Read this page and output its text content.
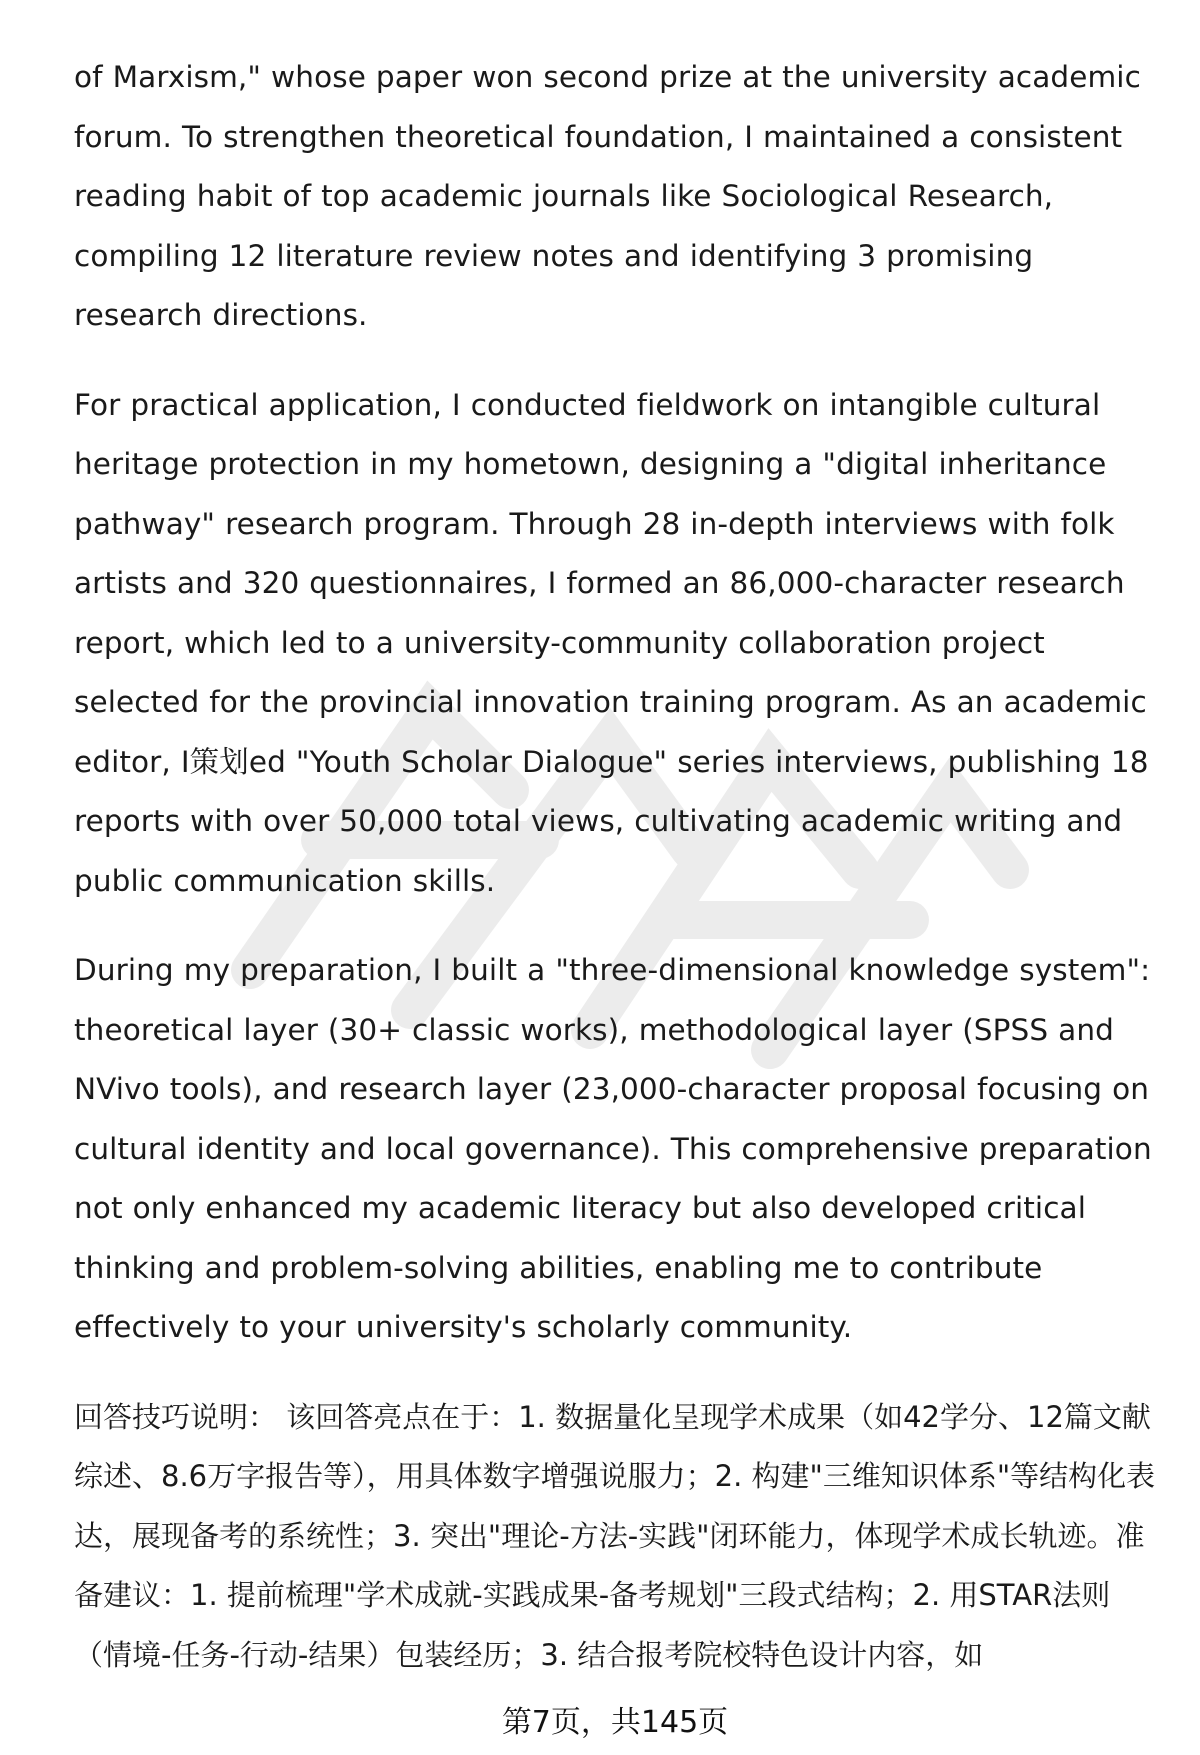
of Marxism," whose paper won second prize at the university academic forum. To strengthen theoretical foundation, I maintained a consistent reading habit of top academic journals like Sociological Research, compiling 12 literature review notes and identifying 3 promising research directions.

For practical application, I conducted fieldwork on intangible cultural heritage protection in my hometown, designing a "digital inheritance pathway" research program. Through 28 in-depth interviews with folk artists and 320 questionnaires, I formed an 86,000-character research report, which led to a university-community collaboration project selected for the provincial innovation training program. As an academic editor, I策划ed "Youth Scholar Dialogue" series interviews, publishing 18 reports with over 50,000 total views, cultivating academic writing and public communication skills.

During my preparation, I built a "three-dimensional knowledge system": theoretical layer (30+ classic works), methodological layer (SPSS and NVivo tools), and research layer (23,000-character proposal focusing on cultural identity and local governance). This comprehensive preparation not only enhanced my academic literacy but also developed critical thinking and problem-solving abilities, enabling me to contribute effectively to your university's scholarly community.

回答技巧说明： 该回答亮点在于：1. 数据量化呈现学术成果（如42学分、12篇文献综述、8.6万字报告等），用具体数字增强说服力；2. 构建"三维知识体系"等结构化表达，展现备考的系统性；3. 突出"理论-方法-实践"闭环能力，体现学术成长轨迹。准备建议：1. 提前梳理"学术成就-实践成果-备考规划"三段式结构；2. 用STAR法则（情境-任务-行动-结果）包装经历；3. 结合报考院校特色设计内容，如

第7页，共145页
